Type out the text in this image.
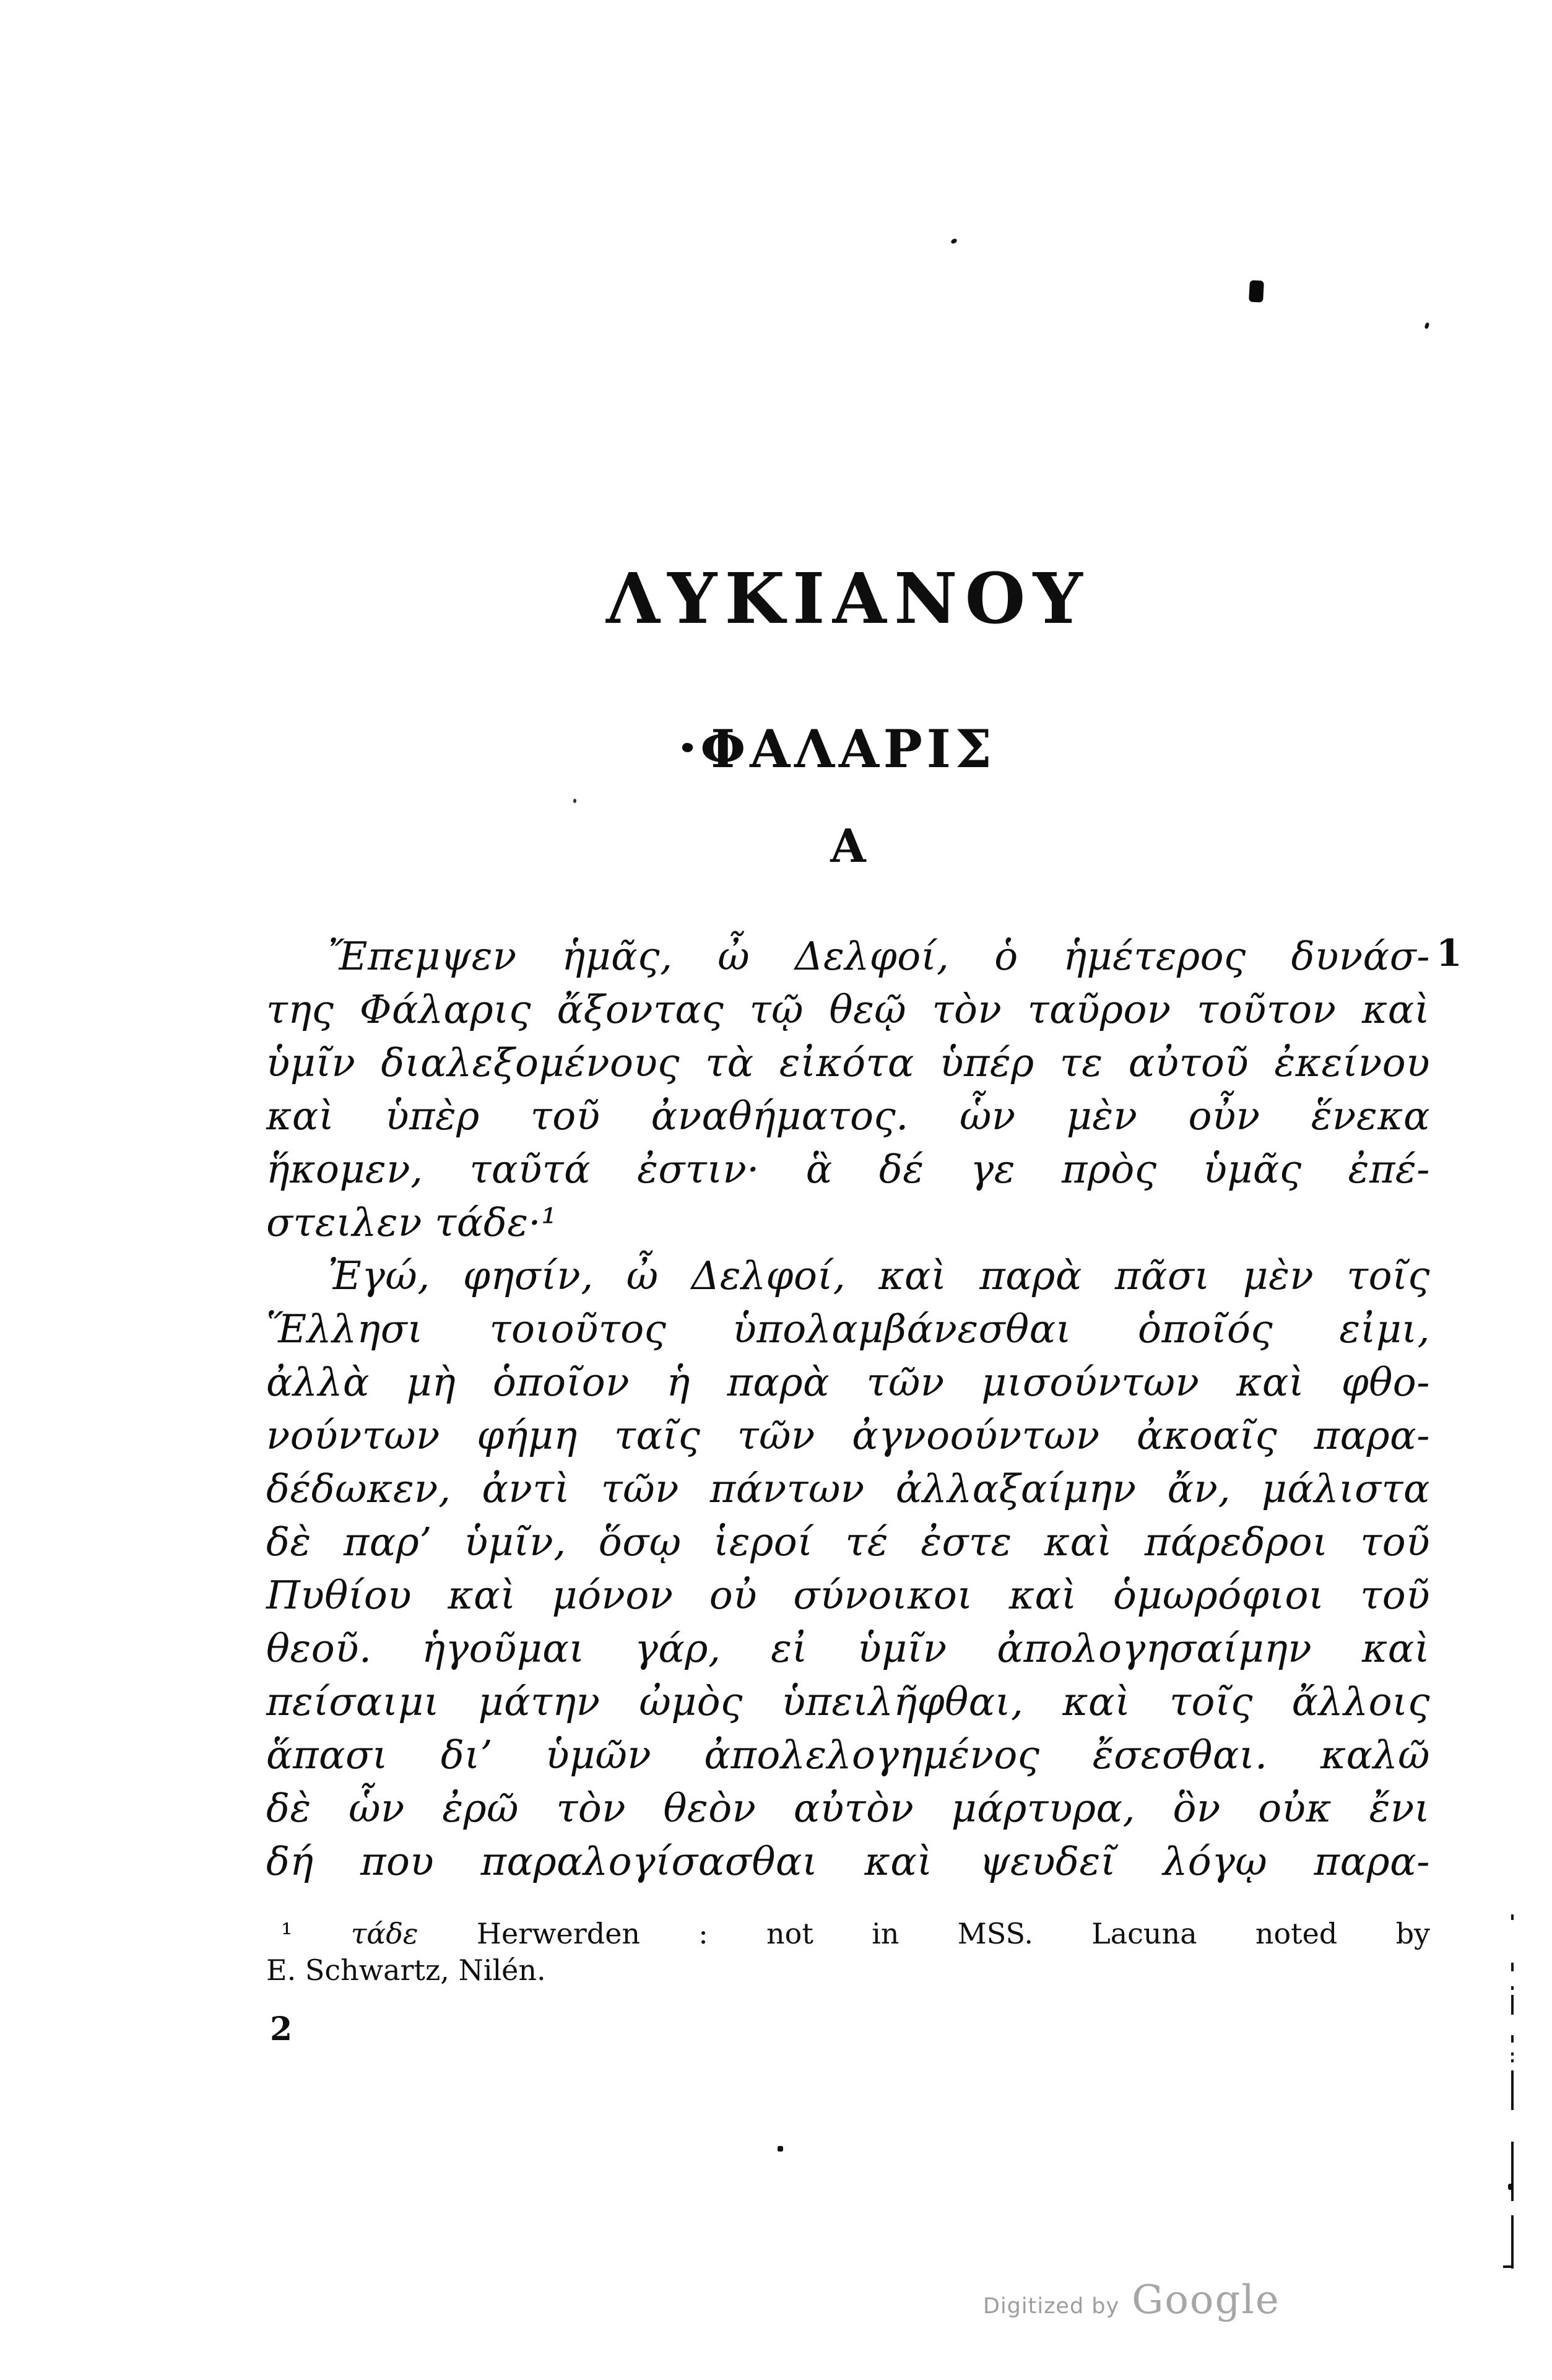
ΛΥΚΙΑΝΟΥ
ΦΑΛΑΡΙΣ
Α
1
Ἔπεμψεν ἡμᾶς, ὦ Δελφοί, ὁ ἡμέτερος δυνάσ-
της Φάλαρις ἄξοντας τῷ θεῷ τὸν ταῦρον τοῦτον καὶ
ὑμῖν διαλεξομένους τὰ εἰκότα ὑπέρ τε αὐτοῦ ἐκείνου
καὶ ὑπὲρ τοῦ ἀναθήματος. ὧν μὲν οὖν ἕνεκα
ἥκομεν, ταῦτά ἐστιν· ἃ δέ γε πρὸς ὑμᾶς ἐπέ-
στειλεν τάδε·¹
Ἐγώ, φησίν, ὦ Δελφοί, καὶ παρὰ πᾶσι μὲν τοῖς
Ἕλλησι τοιοῦτος ὑπολαμβάνεσθαι ὁποῖός εἰμι,
ἀλλὰ μὴ ὁποῖον ἡ παρὰ τῶν μισούντων καὶ φθο-
νούντων φήμη ταῖς τῶν ἀγνοούντων ἀκοαῖς παρα-
δέδωκεν, ἀντὶ τῶν πάντων ἀλλαξαίμην ἄν, μάλιστα
δὲ παρ’ ὑμῖν, ὅσῳ ἱεροί τέ ἐστε καὶ πάρεδροι τοῦ
Πυθίου καὶ μόνον οὐ σύνοικοι καὶ ὁμωρόφιοι τοῦ
θεοῦ. ἡγοῦμαι γάρ, εἰ ὑμῖν ἀπολογησαίμην καὶ
πείσαιμι μάτην ὠμὸς ὑπειλῆφθαι, καὶ τοῖς ἄλλοις
ἅπασι δι’ ὑμῶν ἀπολελογημένος ἔσεσθαι. καλῶ
δὲ ὧν ἐρῶ τὸν θεὸν αὐτὸν μάρτυρα, ὃν οὐκ ἔνι
δή που παραλογίσασθαι καὶ ψευδεῖ λόγῳ παρα-
¹ τάδε Herwerden : not in MSS. Lacuna noted by
E. Schwartz, Nilén.
2
Digitized by Google
